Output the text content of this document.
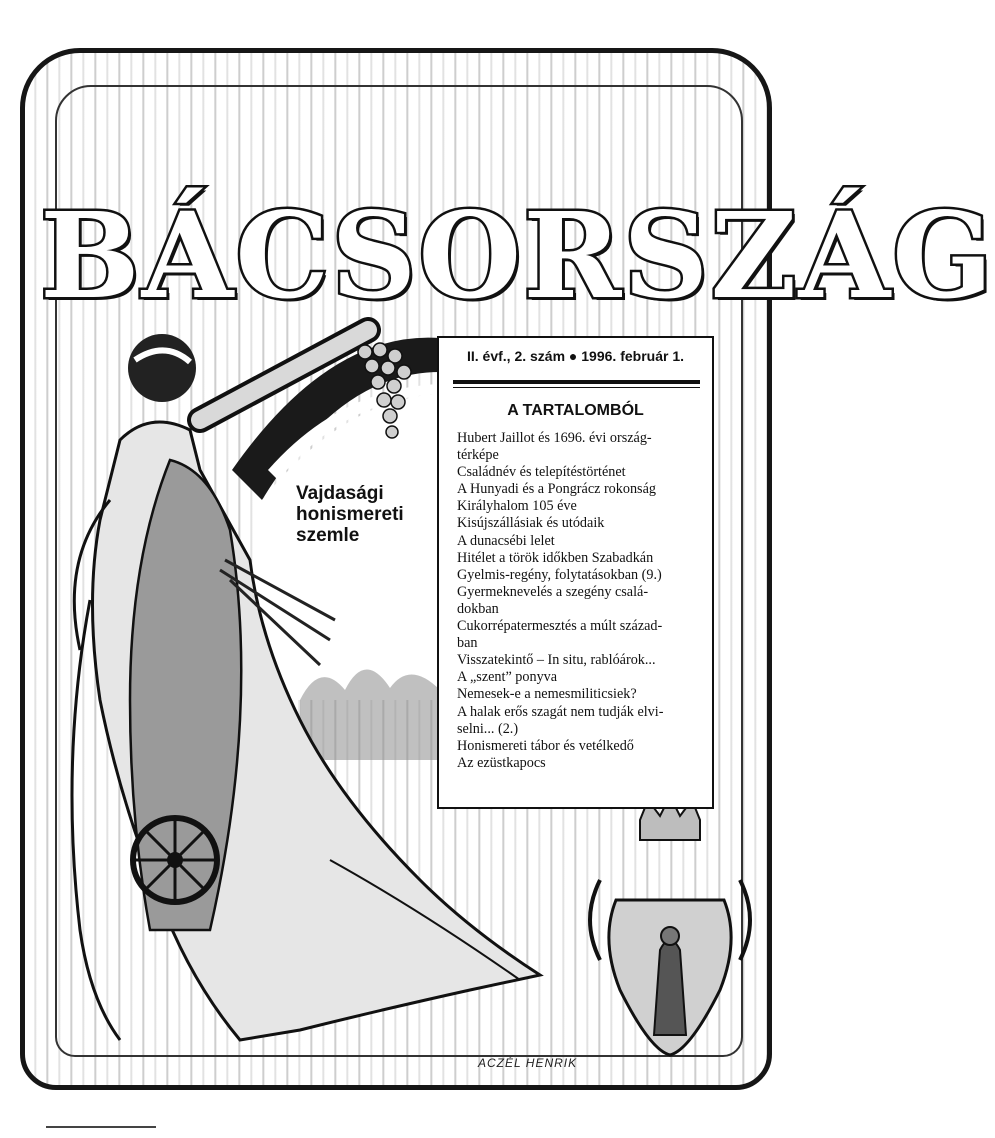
BÁCSORSZÁG
Vajdasági
honismereti
szemle
II. évf., 2. szám ● 1996. február 1.
A TARTALOMBÓL
Hubert Jaillot és 1696. évi ország-
térképe
Családnév és telepítéstörténet
A Hunyadi és a Pongrácz rokonság
Királyhalom 105 éve
Kisújszállásiak és utódaik
A dunacsébi lelet
Hitélet a török időkben Szabadkán
Gyelmis-regény, folytatásokban (9.)
Gyermeknevelés a szegény csalá-
dokban
Cukorrépatermesztés a múlt század-
ban
Visszatekintő – In situ, rablóárok...
A „szent” ponyva
Nemesek-e a nemesmiliticsiek?
A halak erős szagát nem tudják elvi-
selni... (2.)
Honismereti tábor és vetélkedő
Az ezüstkapocs
ACZÉL HENRIK
